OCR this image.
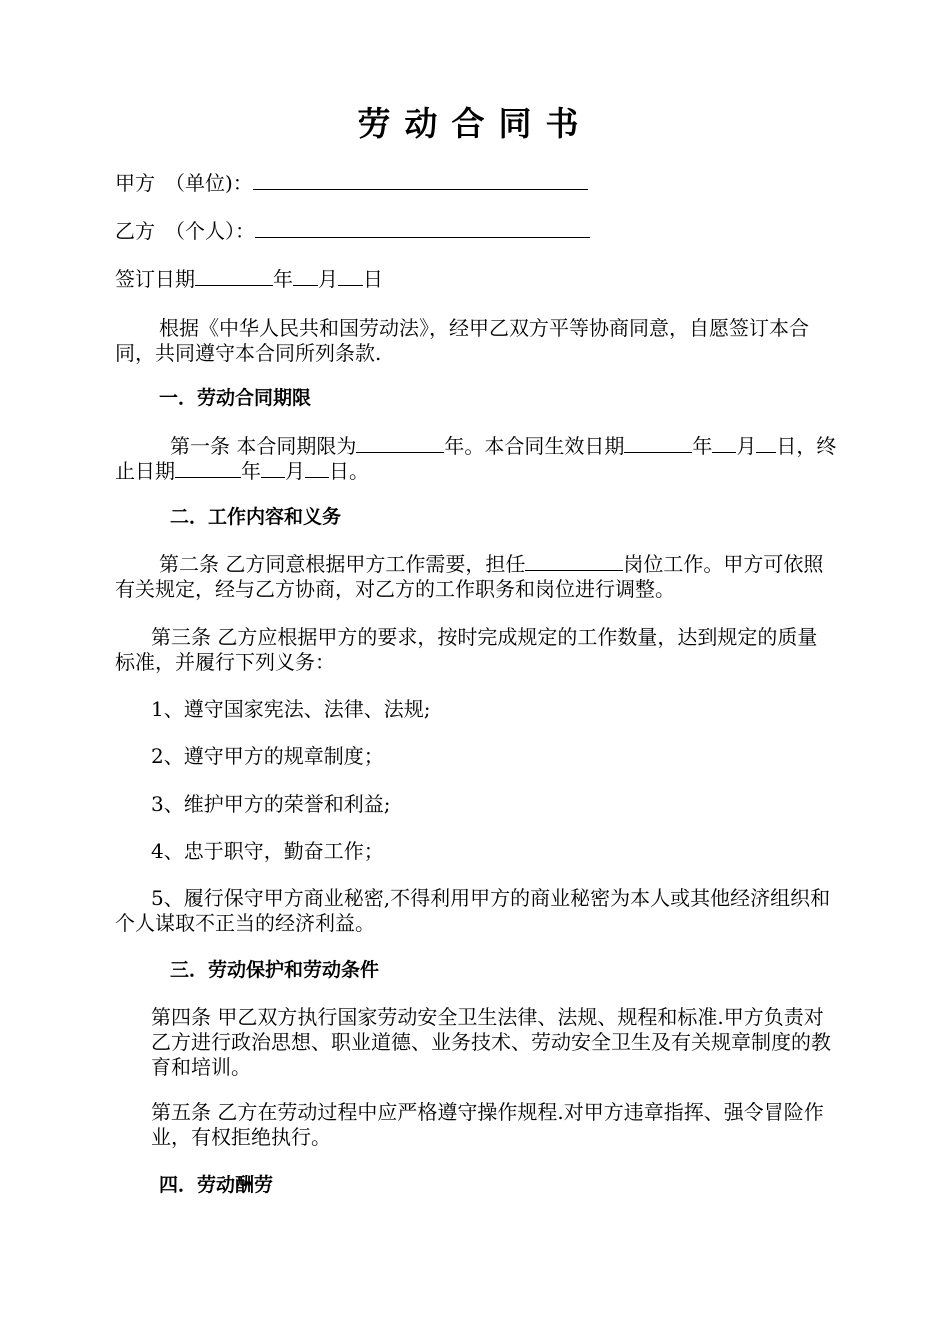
劳动合同书
甲方　（单位)：
乙方　（个人）：
签订日期	年 月 日
根据《中华人民共和国劳动法》，经甲乙双方平等协商同意，自愿签订本合同，共同遵守本合同所列条款.
一．劳动合同期限
第一条 本合同期限为	年。本合同生效日期	年 月 日，终止日期	年 月 日。
二．工作内容和义务
第二条 乙方同意根据甲方工作需要，担任	岗位工作。甲方可依照有关规定，经与乙方协商，对乙方的工作职务和岗位进行调整。
第三条 乙方应根据甲方的要求，按时完成规定的工作数量，达到规定的质量标准，并履行下列义务：
1、遵守国家宪法、法律、法规;
2、遵守甲方的规章制度；
3、维护甲方的荣誉和利益;
4、忠于职守，勤奋工作；
5、履行保守甲方商业秘密,不得利用甲方的商业秘密为本人或其他经济组织和个人谋取不正当的经济利益。
三．劳动保护和劳动条件
第四条 甲乙双方执行国家劳动安全卫生法律、法规、规程和标准.甲方负责对乙方进行政治思想、职业道德、业务技术、劳动安全卫生及有关规章制度的教育和培训。
第五条 乙方在劳动过程中应严格遵守操作规程.对甲方违章指挥、强令冒险作业，有权拒绝执行。
四．劳动酬劳
